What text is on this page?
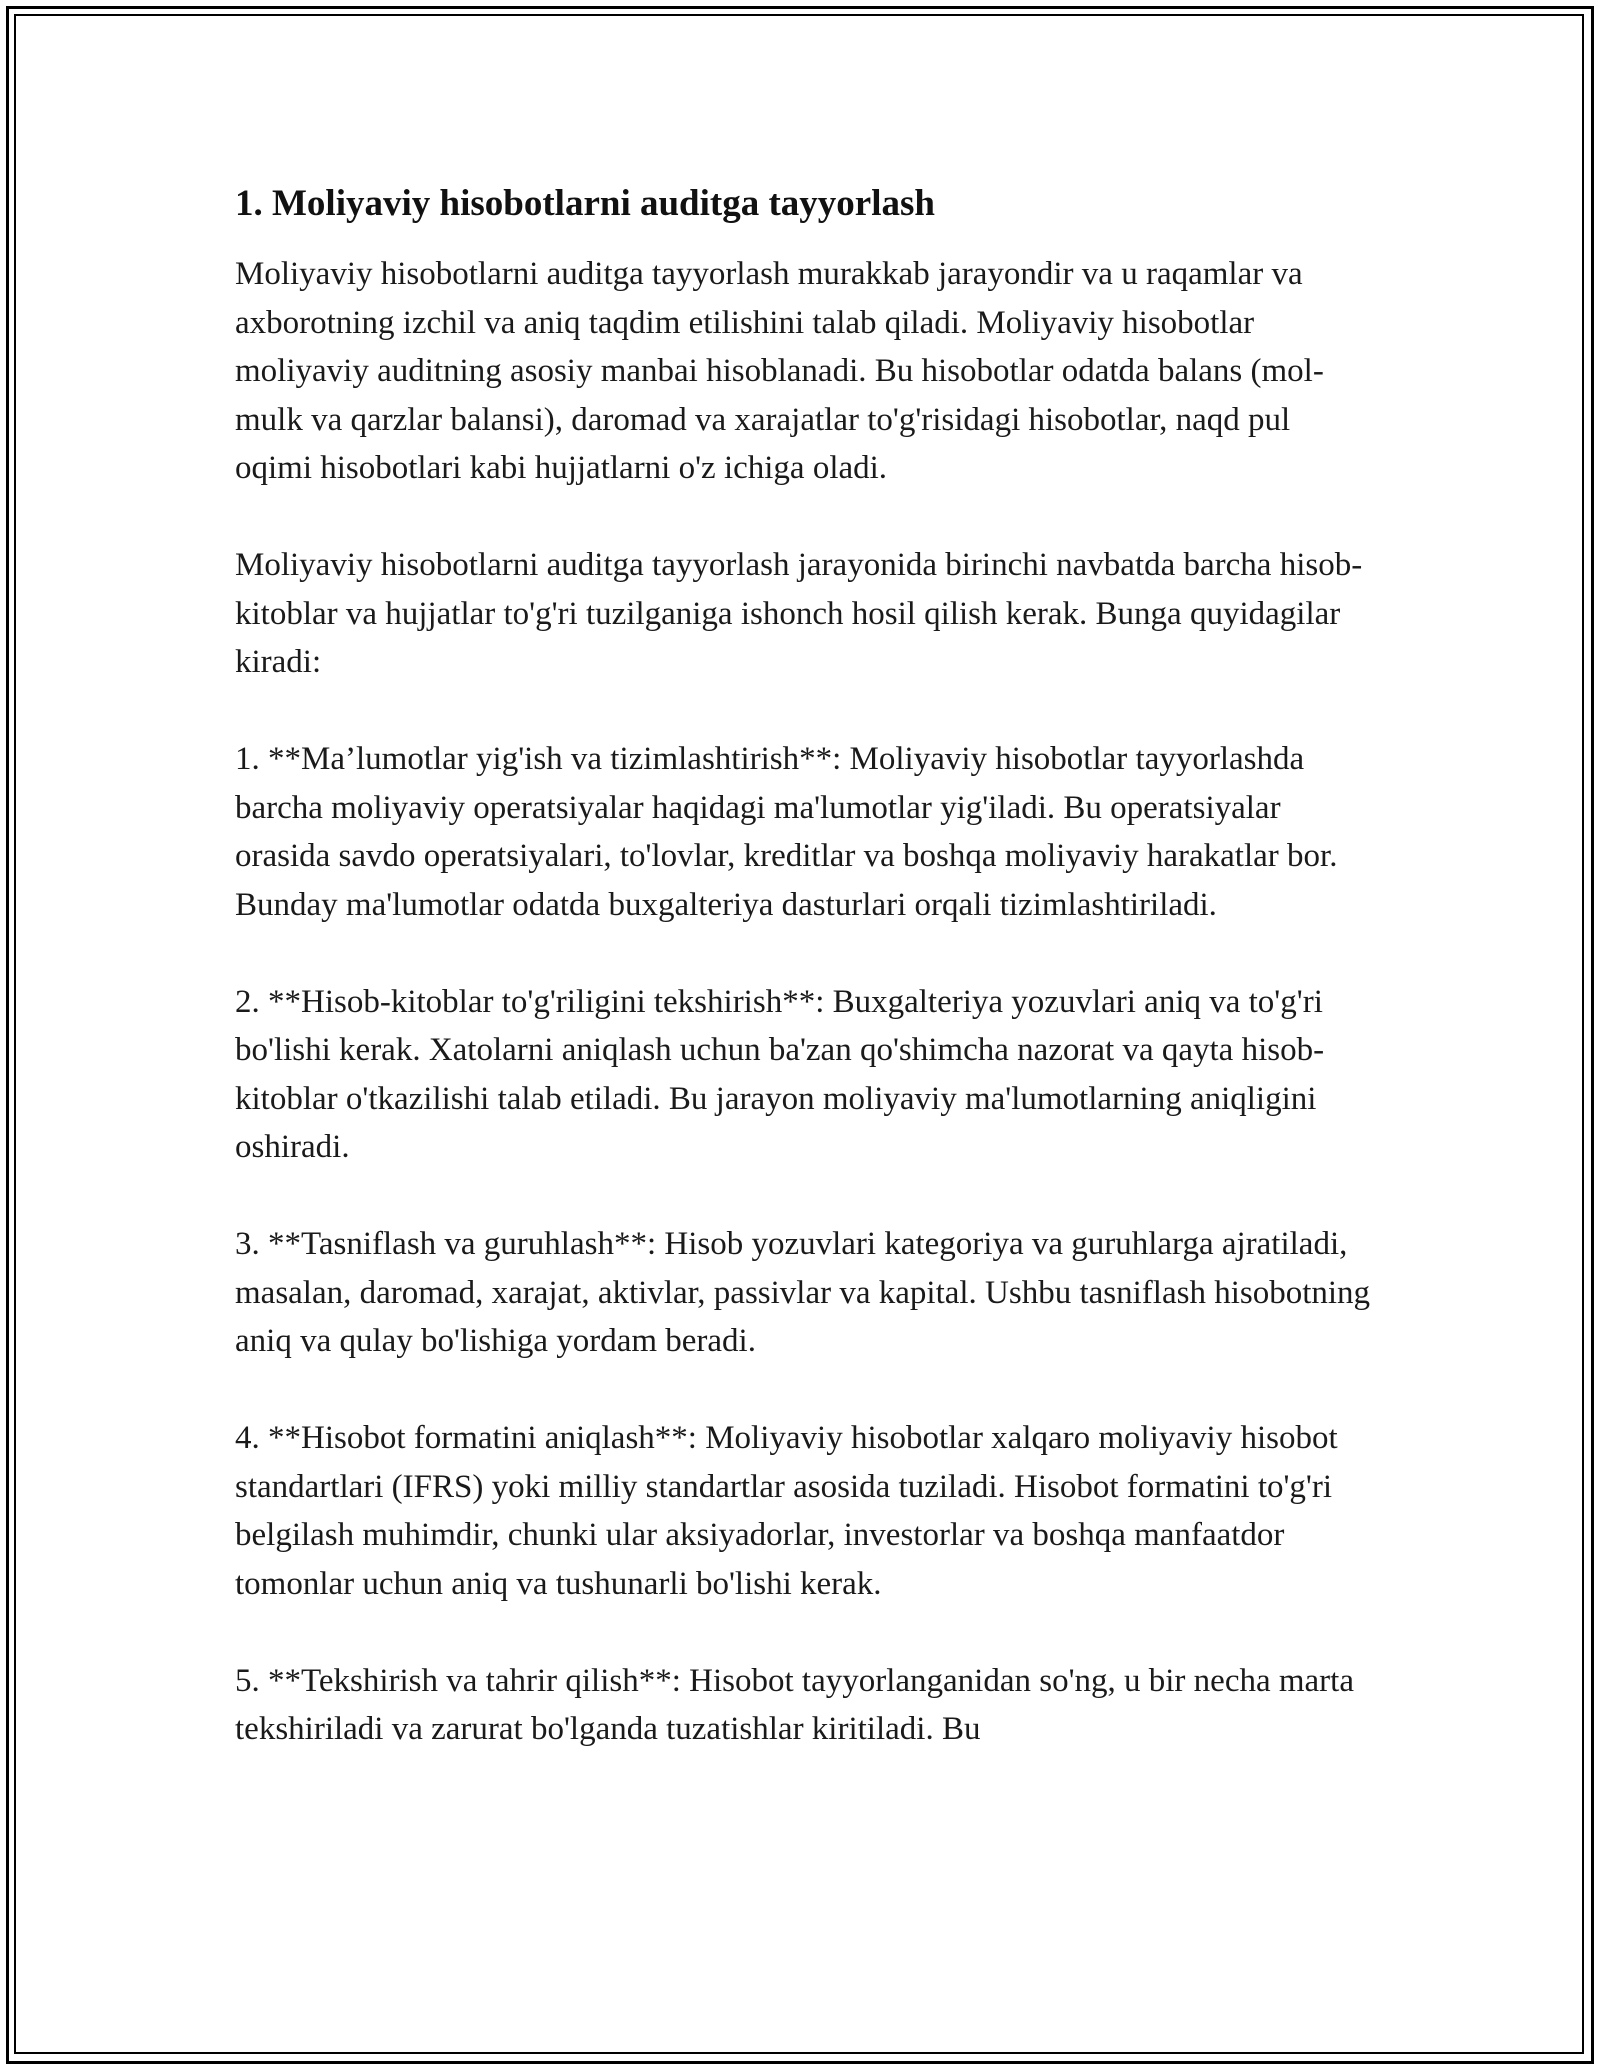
1. Moliyaviy hisobotlarni auditga tayyorlash

Moliyaviy hisobotlarni auditga tayyorlash murakkab jarayondir va u raqamlar va axborotning izchil va aniq taqdim etilishini talab qiladi. Moliyaviy hisobotlar moliyaviy auditning asosiy manbai hisoblanadi. Bu hisobotlar odatda balans (mol-mulk va qarzlar balansi), daromad va xarajatlar to'g'risidagi hisobotlar, naqd pul oqimi hisobotlari kabi hujjatlarni o'z ichiga oladi.

Moliyaviy hisobotlarni auditga tayyorlash jarayonida birinchi navbatda barcha hisob-kitoblar va hujjatlar to'g'ri tuzilganiga ishonch hosil qilish kerak. Bunga quyidagilar kiradi:

1. **Ma’lumotlar yig'ish va tizimlashtirish**: Moliyaviy hisobotlar tayyorlashda barcha moliyaviy operatsiyalar haqidagi ma'lumotlar yig'iladi. Bu operatsiyalar orasida savdo operatsiyalari, to'lovlar, kreditlar va boshqa moliyaviy harakatlar bor. Bunday ma'lumotlar odatda buxgalteriya dasturlari orqali tizimlashtiriladi.

2. **Hisob-kitoblar to'g'riligini tekshirish**: Buxgalteriya yozuvlari aniq va to'g'ri bo'lishi kerak. Xatolarni aniqlash uchun ba'zan qo'shimcha nazorat va qayta hisob-kitoblar o'tkazilishi talab etiladi. Bu jarayon moliyaviy ma'lumotlarning aniqligini oshiradi.

3. **Tasniflash va guruhlash**: Hisob yozuvlari kategoriya va guruhlarga ajratiladi, masalan, daromad, xarajat, aktivlar, passivlar va kapital. Ushbu tasniflash hisobotning aniq va qulay bo'lishiga yordam beradi.

4. **Hisobot formatini aniqlash**: Moliyaviy hisobotlar xalqaro moliyaviy hisobot standartlari (IFRS) yoki milliy standartlar asosida tuziladi. Hisobot formatini to'g'ri belgilash muhimdir, chunki ular aksiyadorlar, investorlar va boshqa manfaatdor tomonlar uchun aniq va tushunarli bo'lishi kerak.

5. **Tekshirish va tahrir qilish**: Hisobot tayyorlanganidan so'ng, u bir necha marta tekshiriladi va zarurat bo'lganda tuzatishlar kiritiladi. Bu
